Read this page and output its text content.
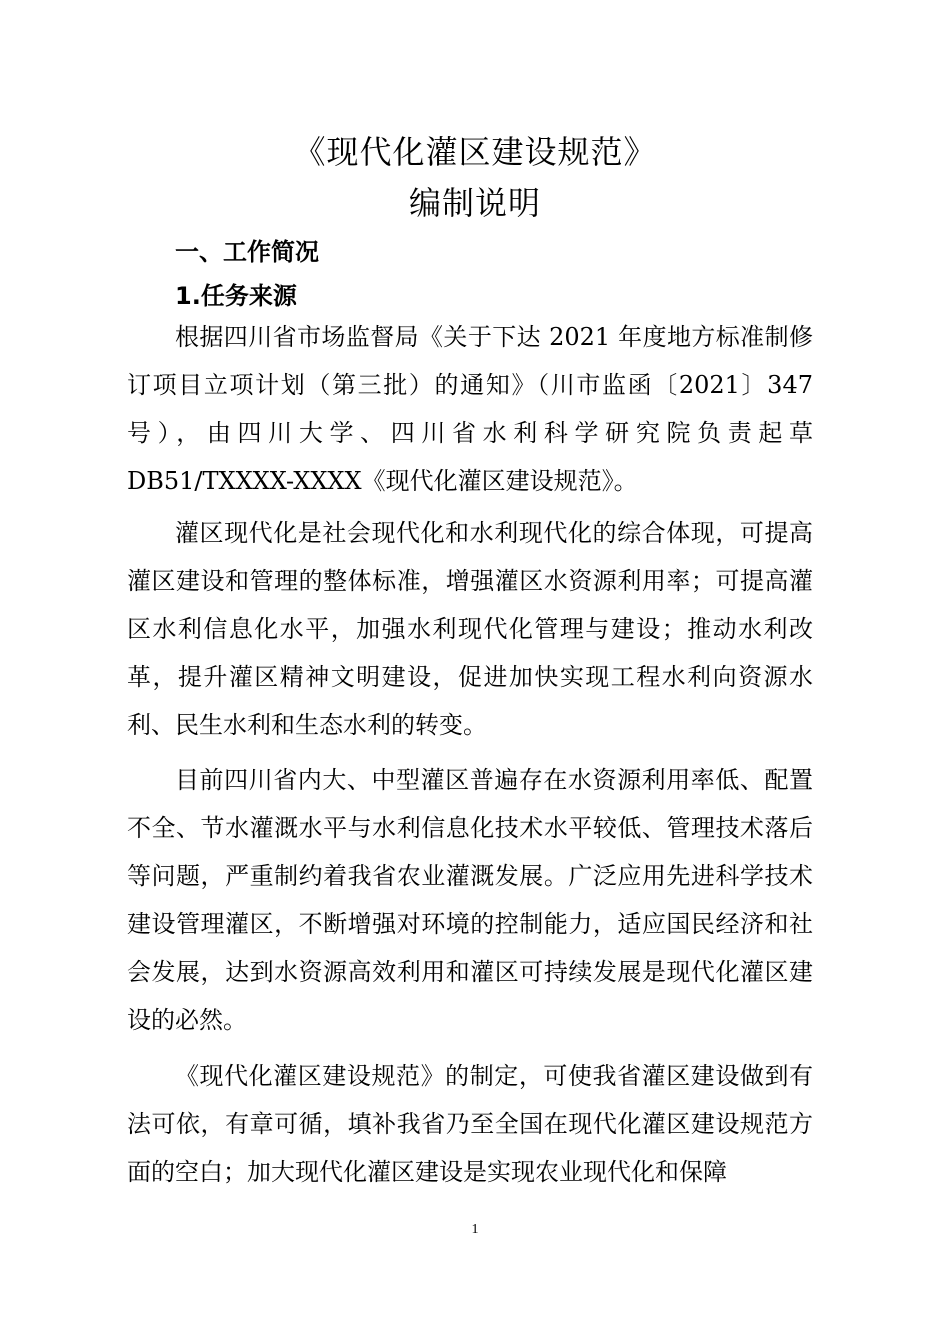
《现代化灌区建设规范》
编制说明
一、工作简况
1.任务来源

根据四川省市场监督局《关于下达 2021 年度地方标准制修订项目立项计划（第三批）的通知》（川市监函〔2021〕347号），由四川大学、四川省水利科学研究院负责起草DB51/TXXXX-XXXX《现代化灌区建设规范》。

灌区现代化是社会现代化和水利现代化的综合体现，可提高灌区建设和管理的整体标准，增强灌区水资源利用率；可提高灌区水利信息化水平，加强水利现代化管理与建设；推动水利改革，提升灌区精神文明建设，促进加快实现工程水利向资源水利、民生水利和生态水利的转变。

目前四川省内大、中型灌区普遍存在水资源利用率低、配置不全、节水灌溉水平与水利信息化技术水平较低、管理技术落后等问题，严重制约着我省农业灌溉发展。广泛应用先进科学技术建设管理灌区，不断增强对环境的控制能力，适应国民经济和社会发展，达到水资源高效利用和灌区可持续发展是现代化灌区建设的必然。

《现代化灌区建设规范》的制定，可使我省灌区建设做到有法可依，有章可循，填补我省乃至全国在现代化灌区建设规范方面的空白；加大现代化灌区建设是实现农业现代化和保障

1
